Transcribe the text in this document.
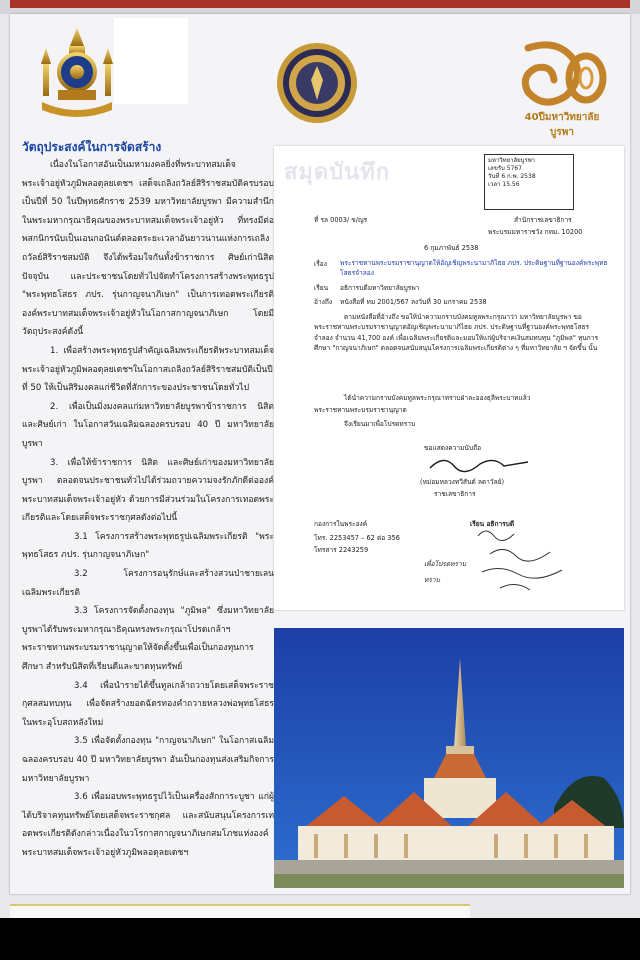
40ปีมหาวิทยาลัยบูรพา
วัตถุประสงค์ในการจัดสร้าง

เนื่องในโอกาสอันเป็นมหามงคลยิ่งที่พระบาทสมเด็จพระเจ้าอยู่หัวภูมิพลอดุลยเดชฯ เสด็จเถลิงถวัลย์สิริราชสมบัติครบรอบเป็นปีที่ 50 ในปีพุทธศักราช 2539 มหาวิทยาลัยบูรพา มีความสำนึกในพระมหากรุณาธิคุณของพระบาทสมเด็จพระเจ้าอยู่หัว ที่ทรงมีต่อพสกนิกรนับเป็นเอนกอนันต์ตลอดระยะเวลาอันยาวนานแห่งการเถลิงถวัลย์สิริราชสมบัติ จึงได้พร้อมใจกันทั้งข้าราชการ ศิษย์เก่านิสิตปัจจุบัน และประชาชนโดยทั่วไปจัดทำโครงการสร้างพระพุทธรูป "พระพุทธโสธร ภปร. รุ่นกาญจนาภิเษก" เป็นการเทอดพระเกียรติ องค์พระบาทสมเด็จพระเจ้าอยู่หัวในโอกาสกาญจนาภิเษก โดยมีวัตถุประสงค์ดังนี้

1. เพื่อสร้างพระพุทธรูปสำคัญเฉลิมพระเกียรติพระบาทสมเด็จพระเจ้าอยู่หัวภูมิพลอดุลยเดชฯในโอกาสเถลิงถวัลย์สิริราชสมบัติเป็นปีที่ 50 ให้เป็นสิริมงคลแก่ชีวิตที่สักการะของประชาชนโดยทั่วไป

2. เพื่อเป็นมิ่งมงคลแก่มหาวิทยาลัยบูรพาข้าราชการ นิสิต และศิษย์เก่า ในโอกาสวันเฉลิมฉลองครบรอบ 40 ปี มหาวิทยาลัยบูรพา

3. เพื่อให้ข้าราชการ นิสิต และศิษย์เก่าของมหาวิทยาลัยบูรพา ตลอดจนประชาชนทั่วไปได้ร่วมถวายความจงรักภักดีต่อองค์พระบาทสมเด็จพระเจ้าอยู่หัว ด้วยการมีส่วนร่วมในโครงการเทอดพระเกียรติและโดยเสด็จพระราชกุศลดังต่อไปนี้

3.1 โครงการสร้างพระพุทธรูปเฉลิมพระเกียรติ "พระพุทธโสธร ภปร. รุ่นกาญจนาภิเษก"

3.2 โครงการอนุรักษ์และสร้างสวนป่าชายเลนเฉลิมพระเกียรติ

3.3 โครงการจัดตั้งกองทุน "ภูมิพล" ซึ่งมหาวิทยาลัยบูรพาได้รับพระมหากรุณาธิคุณทรงพระกรุณาโปรดเกล้าฯพระราชทานพระบรมราชานุญาตให้จัดตั้งขึ้นเพื่อเป็นกองทุนการศึกษา สำหรับนิสิตที่เรียนดีและขาดทุนทรัพย์

3.4 เพื่อนำรายได้ขึ้นทูลเกล้าถวายโดยเสด็จพระราชกุศลสมทบทุน เพื่อจัดสร้างยอดฉัตรทองคำถวายหลวงพ่อพุทธโสธร ในพระอุโบสถหลังใหม่

3.5 เพื่อจัดตั้งกองทุน "กาญจนาภิเษก" ในโอกาสเฉลิมฉลองครบรอบ 40 ปี มหาวิทยาลัยบูรพา อันเป็นกองทุนส่งเสริมกิจการมหาวิทยาลัยบูรพา

3.6 เพื่อมอบพระพุทธรูปไว้เป็นเครื่องสักการะบูชา แก่ผู้ได้บริจาคทุนทรัพย์โดยเสด็จพระราชกุศล และสนับสนุนโครงการเทอดพระเกียรติดังกล่าวเนื่องในวโรกาสกาญจนาภิเษกสมโภชแห่งองค์พระบาทสมเด็จพระเจ้าอยู่หัวภูมิพลอดุลยเดชฯ

สมุดบันทึก	มหาวิทยาลัยบูรพา
เลขรับ 5767
วันที่ 6 ก.พ. 2538
เวลา 15.56
ที่ รล 0003/ ข/ญร	สำนักราชเลขาธิการ
พระบรมมหาราชวัง กทม. 10200
6 กุมภาพันธ์ 2538
เรื่อง พระราชทานพระบรมราชานุญาตให้อัญเชิญพระนามาภิไธย ภปร. ประดิษฐานที่ฐานองค์พระพุทธโสธรจำลอง
เรียน อธิการบดีมหาวิทยาลัยบูรพา
อ้างถึง หนังสือที่ ทม 2001/567 ลงวันที่ 30 มกราคม 2538
ตามหนังสือที่อ้างถึง ขอให้นำความกราบบังคมทูลพระกรุณาว่า มหาวิทยาลัยบูรพา ขอพระราชทานพระบรมราชานุญาตอัญเชิญพระนามาภิไธย ภปร. ประดิษฐานที่ฐานองค์พระพุทธโสธรจำลอง จำนวน 41,700 องค์ เพื่อเฉลิมพระเกียรติและมอบให้แก่ผู้บริจาคเงินสมทบทุน "ภูมิพล" ทุนการศึกษา "กาญจนาภิเษก" ตลอดจนสนับสนุนโครงการเฉลิมพระเกียรติต่าง ๆ ที่มหาวิทยาลัย ฯ จัดขึ้น นั้น
ได้นำความกราบบังคมทูลพระกรุณาทราบฝ่าละอองธุลีพระบาทแล้ว
พระราชทานพระบรมราชานุญาต
จึงเรียนมาเพื่อโปรดทราบ
ขอแสดงความนับถือ
(หม่อมหลวงทวีสันต์ ลดาวัลย์)
ราชเลขาธิการ
กองการในพระองค์
โทร. 2253457 – 62 ต่อ 356
โทรสาร 2243259
เรียน อธิการบดี
เพื่อโปรดทราบ
ทราบ
